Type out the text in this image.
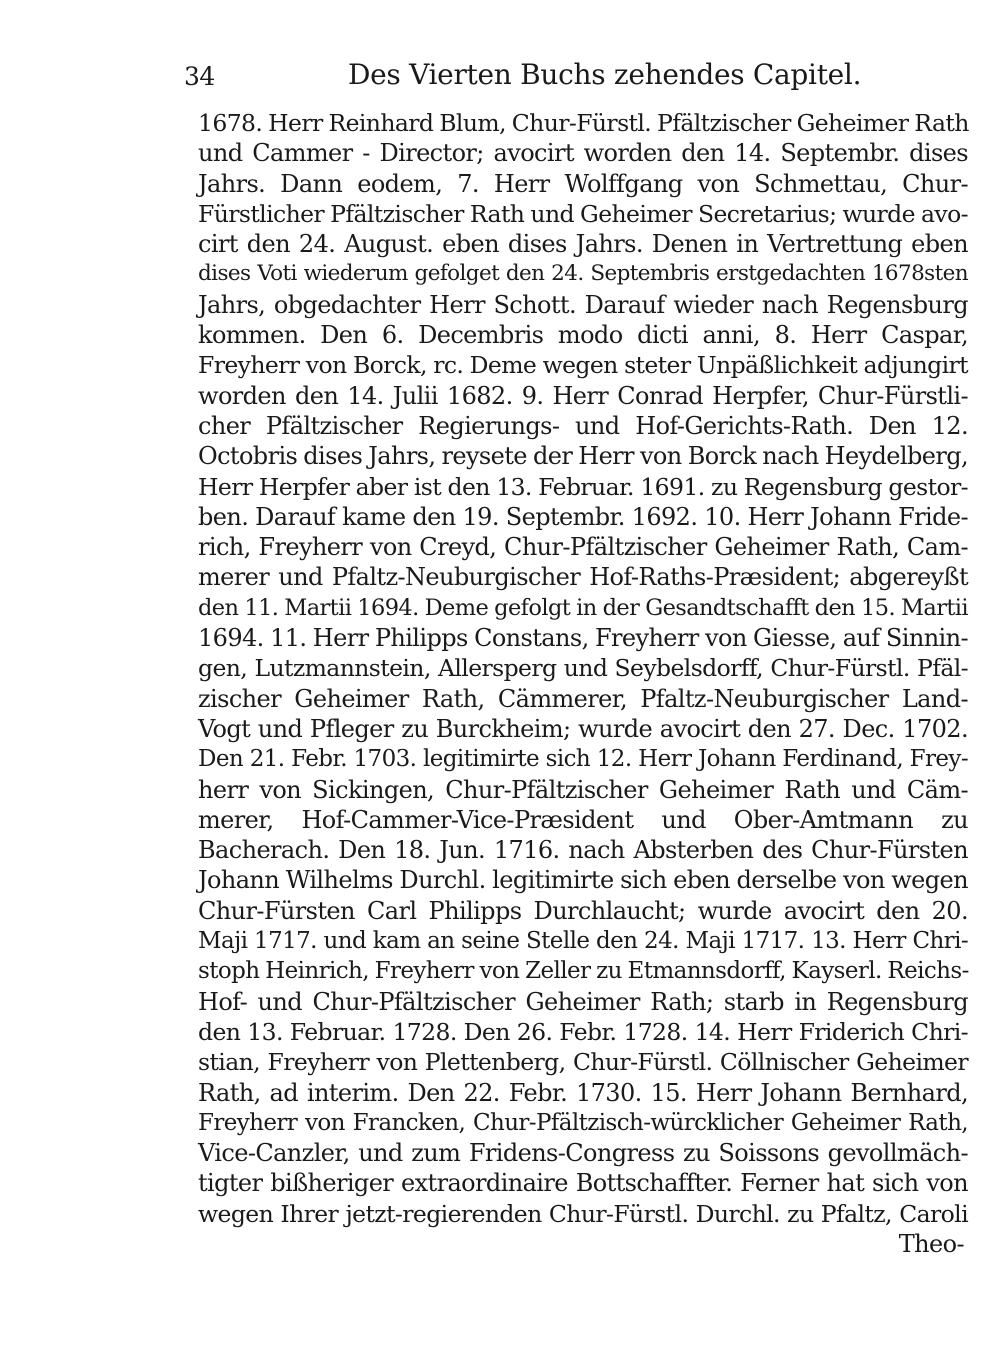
34	Des Vierten Buchs zehendes Capitel.
1678. Herr Reinhard Blum, Chur-Fürstl. Pfältzischer Geheimer Rath
und Cammer - Director; avocirt worden den 14. Septembr. dises
Jahrs. Dann eodem, 7. Herr Wolffgang von Schmettau, Chur-
Fürstlicher Pfältzischer Rath und Geheimer Secretarius; wurde avo-
cirt den 24. August. eben dises Jahrs. Denen in Vertrettung eben
dises Voti wiederum gefolget den 24. Septembris erstgedachten 1678sten
Jahrs, obgedachter Herr Schott. Darauf wieder nach Regensburg
kommen. Den 6. Decembris modo dicti anni, 8. Herr Caspar,
Freyherr von Borck, rc. Deme wegen steter Unpäßlichkeit adjungirt
worden den 14. Julii 1682. 9. Herr Conrad Herpfer, Chur-Fürstli-
cher Pfältzischer Regierungs- und Hof-Gerichts-Rath. Den 12.
Octobris dises Jahrs, reysete der Herr von Borck nach Heydelberg,
Herr Herpfer aber ist den 13. Februar. 1691. zu Regensburg gestor-
ben. Darauf kame den 19. Septembr. 1692. 10. Herr Johann Fride-
rich, Freyherr von Creyd, Chur-Pfältzischer Geheimer Rath, Cam-
merer und Pfaltz-Neuburgischer Hof-Raths-Præsident; abgereyßt
den 11. Martii 1694. Deme gefolgt in der Gesandtschafft den 15. Martii
1694. 11. Herr Philipps Constans, Freyherr von Giesse, auf Sinnin-
gen, Lutzmannstein, Allersperg und Seybelsdorff, Chur-Fürstl. Pfäl-
zischer Geheimer Rath, Cämmerer, Pfaltz-Neuburgischer Land-
Vogt und Pfleger zu Burckheim; wurde avocirt den 27. Dec. 1702.
Den 21. Febr. 1703. legitimirte sich 12. Herr Johann Ferdinand, Frey-
herr von Sickingen, Chur-Pfältzischer Geheimer Rath und Cäm-
merer, Hof-Cammer-Vice-Præsident und Ober-Amtmann zu
Bacherach. Den 18. Jun. 1716. nach Absterben des Chur-Fürsten
Johann Wilhelms Durchl. legitimirte sich eben derselbe von wegen
Chur-Fürsten Carl Philipps Durchlaucht; wurde avocirt den 20.
Maji 1717. und kam an seine Stelle den 24. Maji 1717. 13. Herr Chri-
stoph Heinrich, Freyherr von Zeller zu Etmannsdorff, Kayserl. Reichs-
Hof- und Chur-Pfältzischer Geheimer Rath; starb in Regensburg
den 13. Februar. 1728. Den 26. Febr. 1728. 14. Herr Friderich Chri-
stian, Freyherr von Plettenberg, Chur-Fürstl. Cöllnischer Geheimer
Rath, ad interim. Den 22. Febr. 1730. 15. Herr Johann Bernhard,
Freyherr von Francken, Chur-Pfältzisch-würcklicher Geheimer Rath,
Vice-Canzler, und zum Fridens-Congress zu Soissons gevollmäch-
tigter bißheriger extraordinaire Bottschaffter. Ferner hat sich von
wegen Ihrer jetzt-regierenden Chur-Fürstl. Durchl. zu Pfaltz, Caroli
Theo-
